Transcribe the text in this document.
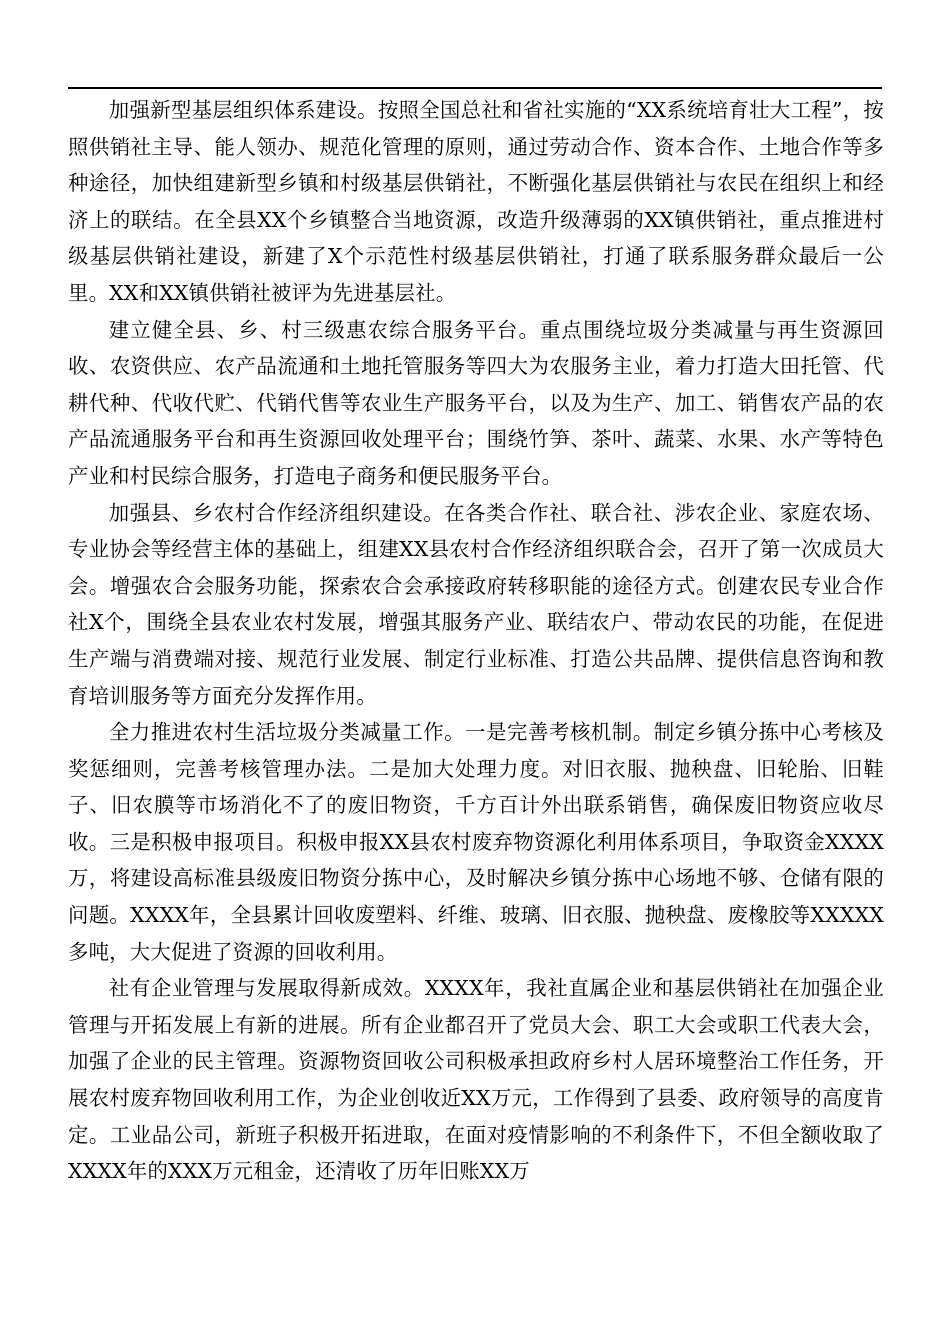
加强新型基层组织体系建设。按照全国总社和省社实施的“XX系统培育壮大工程”，按照供销社主导、能人领办、规范化管理的原则，通过劳动合作、资本合作、土地合作等多种途径，加快组建新型乡镇和村级基层供销社，不断强化基层供销社与农民在组织上和经济上的联结。在全县XX个乡镇整合当地资源，改造升级薄弱的XX镇供销社，重点推进村级基层供销社建设，新建了X个示范性村级基层供销社，打通了联系服务群众最后一公里。XX和XX镇供销社被评为先进基层社。

建立健全县、乡、村三级惠农综合服务平台。重点围绕垃圾分类减量与再生资源回收、农资供应、农产品流通和土地托管服务等四大为农服务主业，着力打造大田托管、代耕代种、代收代贮、代销代售等农业生产服务平台，以及为生产、加工、销售农产品的农产品流通服务平台和再生资源回收处理平台；围绕竹笋、茶叶、蔬菜、水果、水产等特色产业和村民综合服务，打造电子商务和便民服务平台。

加强县、乡农村合作经济组织建设。在各类合作社、联合社、涉农企业、家庭农场、专业协会等经营主体的基础上，组建XX县农村合作经济组织联合会，召开了第一次成员大会。增强农合会服务功能，探索农合会承接政府转移职能的途径方式。创建农民专业合作社X个，围绕全县农业农村发展，增强其服务产业、联结农户、带动农民的功能，在促进生产端与消费端对接、规范行业发展、制定行业标准、打造公共品牌、提供信息咨询和教育培训服务等方面充分发挥作用。

全力推进农村生活垃圾分类减量工作。一是完善考核机制。制定乡镇分拣中心考核及奖惩细则，完善考核管理办法。二是加大处理力度。对旧衣服、抛秧盘、旧轮胎、旧鞋子、旧农膜等市场消化不了的废旧物资，千方百计外出联系销售，确保废旧物资应收尽收。三是积极申报项目。积极申报XX县农村废弃物资源化利用体系项目，争取资金XXXX万，将建设高标准县级废旧物资分拣中心，及时解决乡镇分拣中心场地不够、仓储有限的问题。XXXX年，全县累计回收废塑料、纤维、玻璃、旧衣服、抛秧盘、废橡胶等XXXXX多吨，大大促进了资源的回收利用。

社有企业管理与发展取得新成效。XXXX年，我社直属企业和基层供销社在加强企业管理与开拓发展上有新的进展。所有企业都召开了党员大会、职工大会或职工代表大会，加强了企业的民主管理。资源物资回收公司积极承担政府乡村人居环境整治工作任务，开展农村废弃物回收利用工作，为企业创收近XX万元，工作得到了县委、政府领导的高度肯定。工业品公司，新班子积极开拓进取，在面对疫情影响的不利条件下，不但全额收取了XXXX年的XXX万元租金，还清收了历年旧账XX万
